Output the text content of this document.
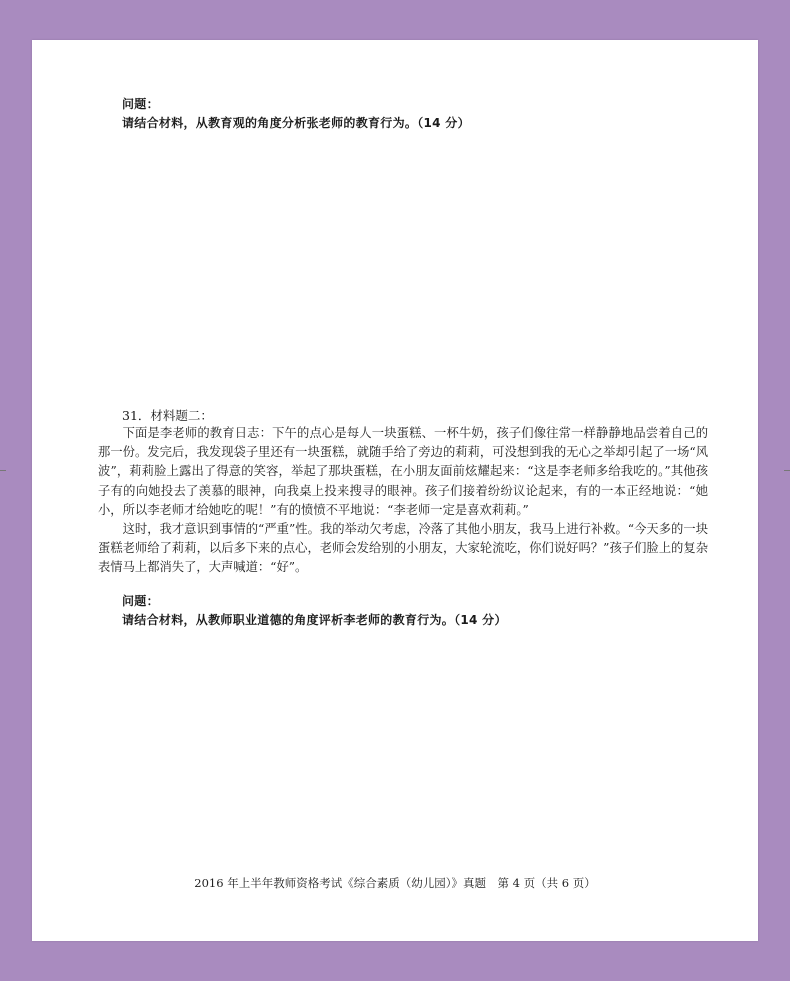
问题：
请结合材料，从教育观的角度分析张老师的教育行为。（14 分）
31．材料题二：

下面是李老师的教育日志：下午的点心是每人一块蛋糕、一杯牛奶，孩子们像往常一样静静地品尝着自己的那一份。发完后，我发现袋子里还有一块蛋糕，就随手给了旁边的莉莉，可没想到我的无心之举却引起了一场“风波”，莉莉脸上露出了得意的笑容，举起了那块蛋糕，在小朋友面前炫耀起来：“这是李老师多给我吃的。”其他孩子有的向她投去了羡慕的眼神，向我桌上投来搜寻的眼神。孩子们接着纷纷议论起来，有的一本正经地说：“她小，所以李老师才给她吃的呢！”有的愤愤不平地说：“李老师一定是喜欢莉莉。”

这时，我才意识到事情的“严重”性。我的举动欠考虑，冷落了其他小朋友，我马上进行补救。“今天多的一块蛋糕老师给了莉莉，以后多下来的点心，老师会发给别的小朋友，大家轮流吃，你们说好吗？”孩子们脸上的复杂表情马上都消失了，大声喊道：“好”。

问题：
请结合材料，从教师职业道德的角度评析李老师的教育行为。（14 分）
2016 年上半年教师资格考试《综合素质（幼儿园）》真题　第 4 页（共 6 页）
